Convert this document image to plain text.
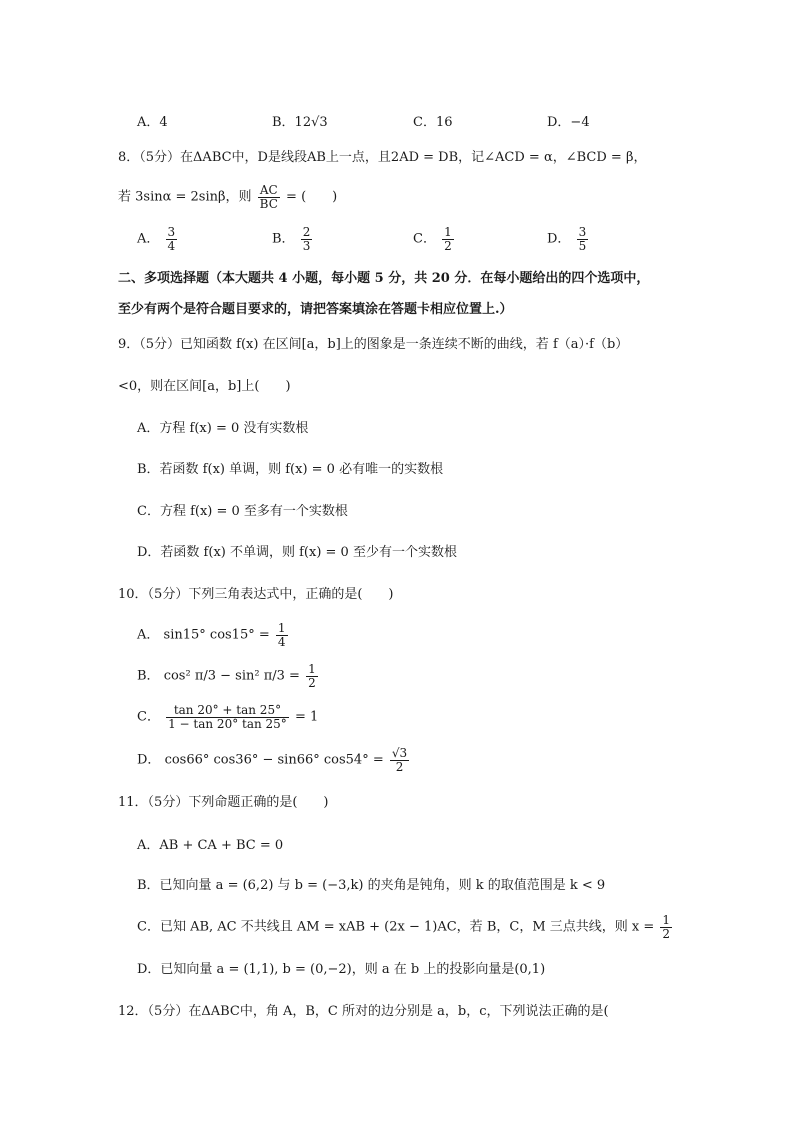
A．4	B．12√3	C．16	D．−4
8．（5分）在ΔABC中，D是线段AB上一点，且2AD = DB，记∠ACD = α，∠BCD = β，
若 3sinα = 2sinβ，则 $\frac{AC}{BC}$ = (　　)
A． $\frac{3}{4}$	B． $\frac{2}{3}$	C． $\frac{1}{2}$	D． $\frac{3}{5}$
二、多项选择题（本大题共 4 小题，每小题 5 分，共 20 分．在每小题给出的四个选项中，
至少有两个是符合题目要求的，请把答案填涂在答题卡相应位置上.）
9．（5分）已知函数 f(x) 在区间[a，b]上的图象是一条连续不断的曲线，若 f（a）·f（b）
<0，则在区间[a，b]上(　　)
A．方程 f(x) = 0 没有实数根
B．若函数 f(x) 单调，则 f(x) = 0 必有唯一的实数根
C．方程 f(x) = 0 至多有一个实数根
D．若函数 f(x) 不单调，则 f(x) = 0 至少有一个实数根
10．（5分）下列三角表达式中，正确的是(　　)
A． sin15° $\cos 15^\circ = \frac{1}{4}$
B． cos² π/3 − sin² $\pi/3 = \frac{1}{2}$
C． $\frac{\tan 20^\circ + \tan 25^\circ}{1 - \tan 20^\circ \tan 25^\circ} = 1$
D． cos66° cos36° − sin66° $\cos 54^\circ = \frac{√3}{2}$
11．（5分）下列命题正确的是(　　)
A．AB + CA + BC = 0
B．已知向量 a = (6,2) 与 b = (−3,k) 的夹角是钝角，则 k 的取值范围是 k < 9
C．已知 AB, AC 不共线且 AM = xAB + (2x − 1)AC，若 B，C，M 三点共线，则 $x = \frac{1}{2}$
D．已知向量 a = (1,1), b = (0,−2)，则 a 在 b 上的投影向量是(0,1)
12．（5分）在ΔABC中，角 A，B，C 所对的边分别是 a，b，c，下列说法正确的是(
